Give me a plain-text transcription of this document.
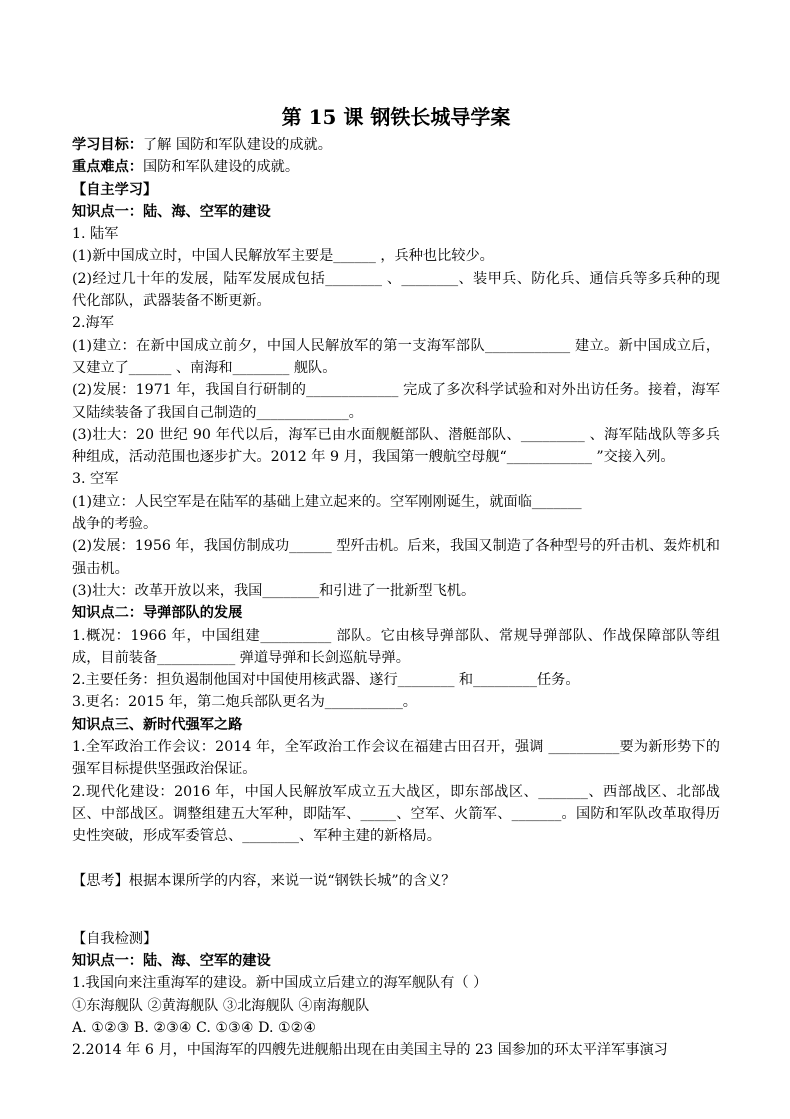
第 15 课 钢铁长城导学案
学习目标：了解 国防和军队建设的成就。
重点难点：国防和军队建设的成就。
【自主学习】
知识点一：陆、海、空军的建设
1. 陆军
(1)新中国成立时，中国人民解放军主要是______ ，兵种也比较少。
(2)经过几十年的发展，陆军发展成包括________ 、________、装甲兵、防化兵、通信兵等多兵种的现代化部队，武器装备不断更新。
2.海军
(1)建立：在新中国成立前夕，中国人民解放军的第一支海军部队____________ 建立。新中国成立后，又建立了______ 、南海和________ 舰队。
(2)发展：1971 年，我国自行研制的_____________ 完成了多次科学试验和对外出访任务。接着，海军又陆续装备了我国自己制造的_____________。
(3)壮大：20 世纪 90 年代以后，海军已由水面舰艇部队、潜艇部队、_________ 、海军陆战队等多兵种组成，活动范围也逐步扩大。2012 年 9 月，我国第一艘航空母舰“____________ ”交接入列。
3. 空军
(1)建立：人民空军是在陆军的基础上建立起来的。空军刚刚诞生，就面临_______
战争的考验。
(2)发展：1956 年，我国仿制成功______ 型歼击机。后来，我国又制造了各种型号的歼击机、轰炸机和强击机。
(3)壮大：改革开放以来，我国________和引进了一批新型飞机。
知识点二：导弹部队的发展
1.概况：1966 年，中国组建__________ 部队。它由核导弹部队、常规导弹部队、作战保障部队等组成，目前装备___________ 弹道导弹和长剑巡航导弹。
2.主要任务：担负遏制他国对中国使用核武器、遂行________ 和_________任务。
3.更名：2015 年，第二炮兵部队更名为___________。
知识点三、新时代强军之路
1.全军政治工作会议：2014 年，全军政治工作会议在福建古田召开，强调 __________要为新形势下的强军目标提供坚强政治保证。
2.现代化建设：2016 年，中国人民解放军成立五大战区，即东部战区、_______、西部战区、北部战区、中部战区。调整组建五大军种，即陆军、_____、空军、火箭军、_______。国防和军队改革取得历史性突破，形成军委管总、________、军种主建的新格局。
【思考】根据本课所学的内容，来说一说“钢铁长城”的含义？
【自我检测】
知识点一：陆、海、空军的建设
1.我国向来注重海军的建设。新中国成立后建立的海军舰队有（ ）
①东海舰队 ②黄海舰队 ③北海舰队 ④南海舰队
A. ①②③ B. ②③④ C. ①③④ D. ①②④
2.2014 年 6 月，中国海军的四艘先进舰船出现在由美国主导的 23 国参加的环太平洋军事演习
